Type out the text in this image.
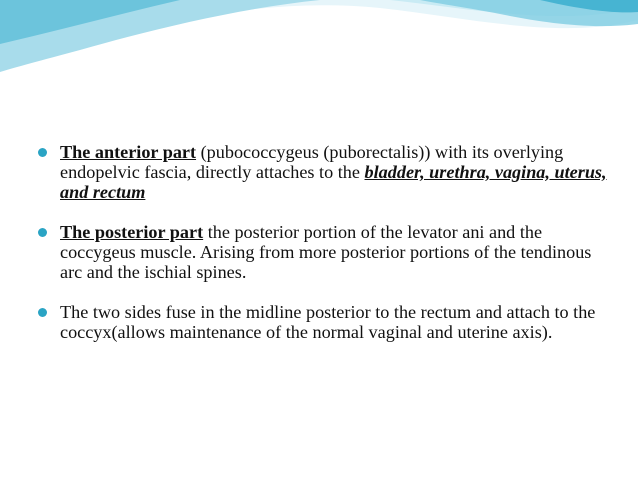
The anterior part (pubococcygeus (puborectalis)) with its overlying endopelvic fascia, directly attaches to the bladder, urethra, vagina, uterus, and rectum
The posterior part the posterior portion of the levator ani and the coccygeus muscle. Arising from more posterior portions of the tendinous arc and the ischial spines.
The two sides fuse in the midline posterior to the rectum and attach to the coccyx(allows maintenance of the normal vaginal and uterine axis).
